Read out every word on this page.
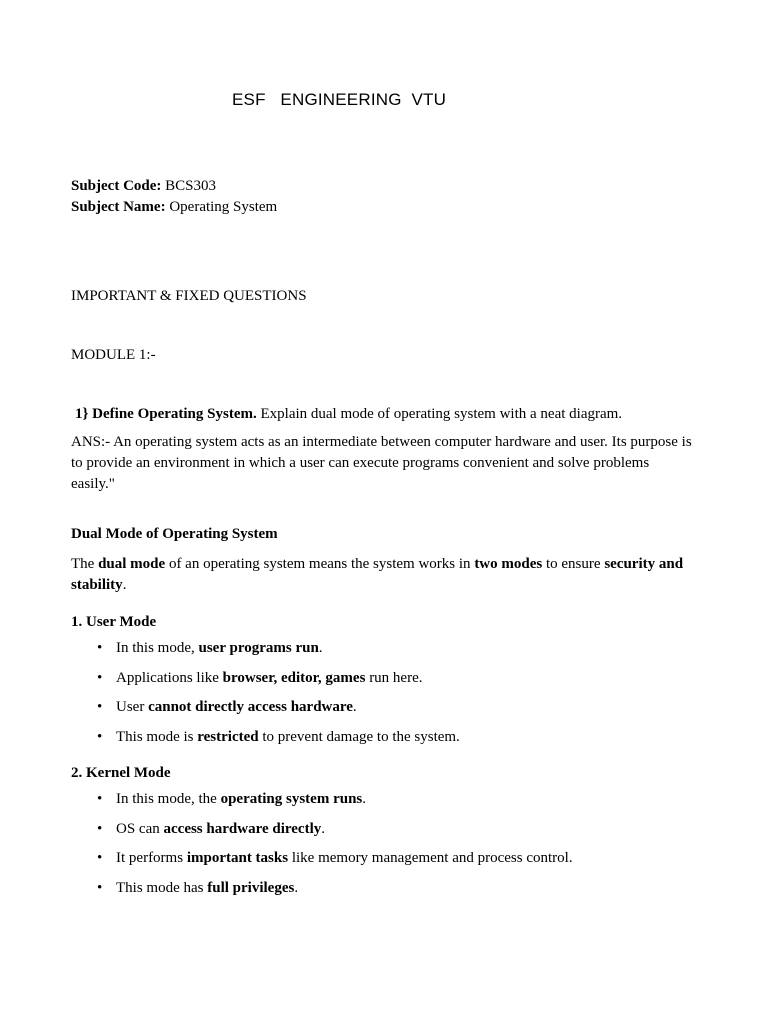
ESF   ENGINEERING  VTU
Subject Code: BCS303
Subject Name: Operating System
IMPORTANT & FIXED QUESTIONS
MODULE 1:-
1} Define Operating System. Explain dual mode of operating system with a neat diagram.
ANS:- An operating system acts as an intermediate between computer hardware and user. Its purpose is
to provide an environment in which a user can execute programs convenient and solve problems
easily."
Dual Mode of Operating System
The dual mode of an operating system means the system works in two modes to ensure security and
stability.
1. User Mode
• In this mode, user programs run.
• Applications like browser, editor, games run here.
• User cannot directly access hardware.
• This mode is restricted to prevent damage to the system.
2. Kernel Mode
• In this mode, the operating system runs.
• OS can access hardware directly.
• It performs important tasks like memory management and process control.
• This mode has full privileges.
